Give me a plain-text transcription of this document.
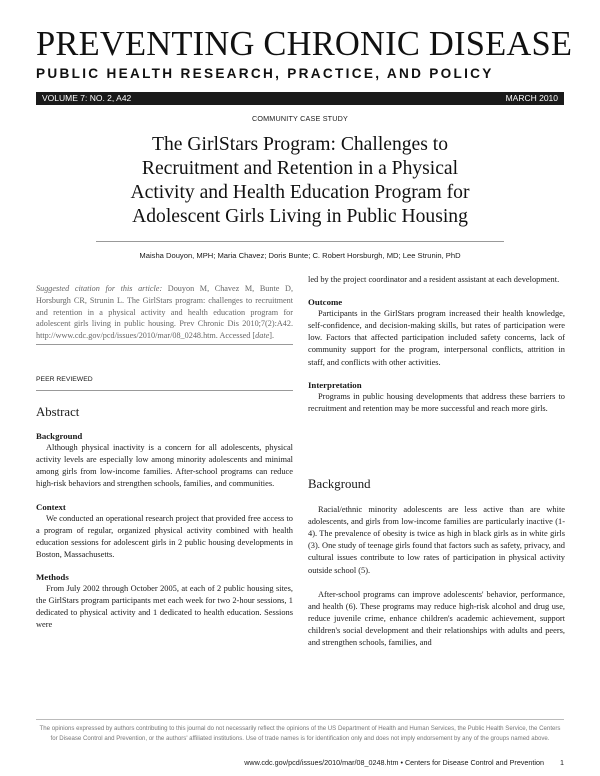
PREVENTING CHRONIC DISEASE
PUBLIC HEALTH RESEARCH, PRACTICE, AND POLICY
VOLUME 7: NO. 2, A42	MARCH 2010
COMMUNITY CASE STUDY
The GirlStars Program: Challenges to
Recruitment and Retention in a Physical
Activity and Health Education Program for
Adolescent Girls Living in Public Housing
Maisha Douyon, MPH; Maria Chavez; Doris Bunte; C. Robert Horsburgh, MD; Lee Strunin, PhD

Suggested citation for this article: Douyon M, Chavez M, Bunte D, Horsburgh CR, Strunin L. The GirlStars program: challenges to recruitment and retention in a physical activity and health education program for adolescent girls living in public housing. Prev Chronic Dis 2010;7(2):A42. http://www.cdc.gov/pcd/issues/2010/mar/08_0248.htm. Accessed [date].

PEER REVIEWED

Abstract

Background

Although physical inactivity is a concern for all adolescents, physical activity levels are especially low among minority adolescents and minimal among girls from low-income families. After-school programs can reduce high-risk behaviors and strengthen schools, families, and communities.

Context

We conducted an operational research project that provided free access to a program of regular, organized physical activity combined with health education sessions for adolescent girls in 2 public housing developments in Boston, Massachusetts.

Methods

From July 2002 through October 2005, at each of 2 public housing sites, the GirlStars program participants met each week for two 2-hour sessions, 1 dedicated to physical activity and 1 dedicated to health education. Sessions were

led by the project coordinator and a resident assistant at each development.

Outcome

Participants in the GirlStars program increased their health knowledge, self-confidence, and decision-making skills, but rates of participation were low. Factors that affected participation included safety concerns, lack of community support for the program, interpersonal conflicts, attrition in staff, and conflicts with other activities.

Interpretation

Programs in public housing developments that address these barriers to recruitment and retention may be more successful and reach more girls.

Background

Racial/ethnic minority adolescents are less active than are white adolescents, and girls from low-income families are particularly inactive (1-4). The prevalence of obesity is twice as high in black girls as in white girls (3). One study of teenage girls found that factors such as safety, privacy, and cultural issues contribute to low rates of participation in physical activity outside school (5).

After-school programs can improve adolescents' behavior, performance, and health (6). These programs may reduce high-risk alcohol and drug use, reduce juvenile crime, enhance children's academic achievement, support children's social development and their relationships with adults and peers, and strengthen schools, families, and

The opinions expressed by authors contributing to this journal do not necessarily reflect the opinions of the US Department of Health and Human Services, the Public Health Service, the Centers for Disease Control and Prevention, or the authors' affiliated institutions. Use of trade names is for identification only and does not imply endorsement by any of the groups named above.
www.cdc.gov/pcd/issues/2010/mar/08_0248.htm • Centers for Disease Control and Prevention 1
